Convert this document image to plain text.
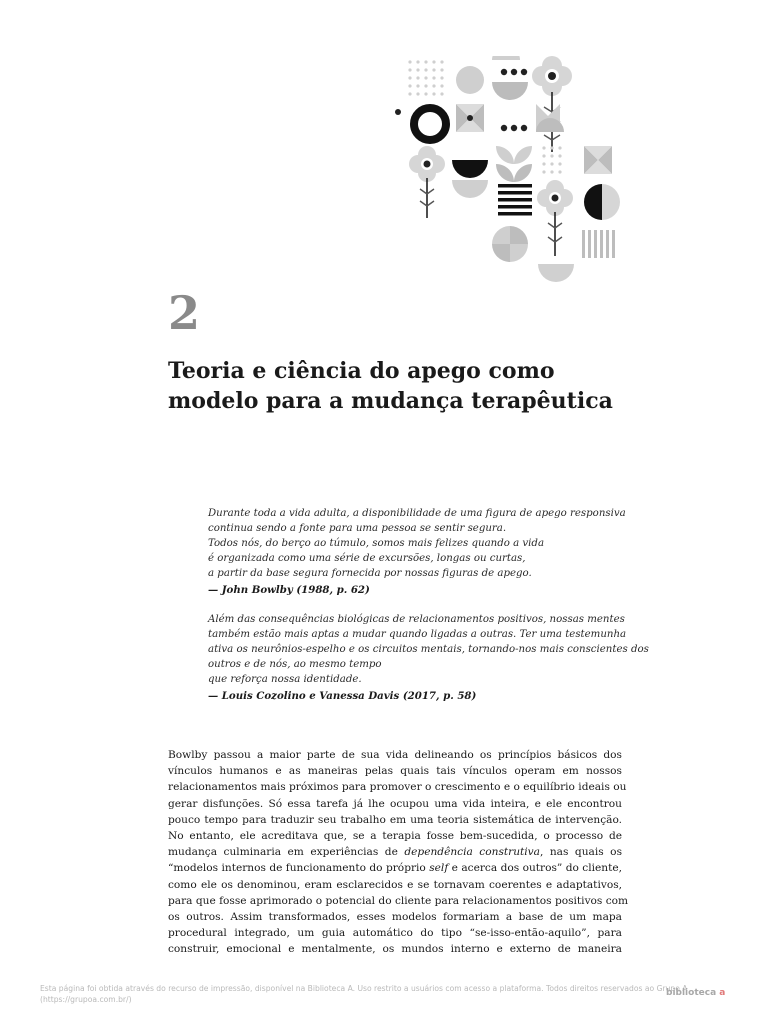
2
Teoria e ciência do apego como
modelo para a mudança terapêutica
Durante toda a vida adulta, a disponibilidade de uma figura de apego responsiva
continua sendo a fonte para uma pessoa se sentir segura.
Todos nós, do berço ao túmulo, somos mais felizes quando a vida
é organizada como uma série de excursões, longas ou curtas,
a partir da base segura fornecida por nossas figuras de apego.
— John Bowlby (1988, p. 62)
Além das consequências biológicas de relacionamentos positivos, nossas mentes
também estão mais aptas a mudar quando ligadas a outras. Ter uma testemunha
ativa os neurônios-espelho e os circuitos mentais, tornando-nos mais conscientes dos
outros e de nós, ao mesmo tempo
que reforça nossa identidade.
— Louis Cozolino e Vanessa Davis (2017, p. 58)
Bowlby passou a maior parte de sua vida delineando os princípios básicos dos
vínculos humanos e as maneiras pelas quais tais vínculos operam em nossos
relacionamentos mais próximos para promover o crescimento e o equilíbrio ideais ou
gerar disfunções. Só essa tarefa já lhe ocupou uma vida inteira, e ele encontrou
pouco tempo para traduzir seu trabalho em uma teoria sistemática de intervenção.
No entanto, ele acreditava que, se a terapia fosse bem-sucedida, o processo de
mudança culminaria em experiências de dependência construtiva, nas quais os
“modelos internos de funcionamento do próprio self e acerca dos outros” do cliente,
como ele os denominou, eram esclarecidos e se tornavam coerentes e adaptativos,
para que fosse aprimorado o potencial do cliente para relacionamentos positivos com
os outros. Assim transformados, esses modelos formariam a base de um mapa
procedural integrado, um guia automático do tipo “se-isso-então-aquilo”, para
construir, emocional e mentalmente, os mundos interno e externo de maneira
Esta página foi obtida através do recurso de impressão, disponível na Biblioteca A. Uso restrito a usuários com acesso a plataforma. Todos direitos reservados ao Grupo A
(https://grupoa.com.br/)
biblioteca a
